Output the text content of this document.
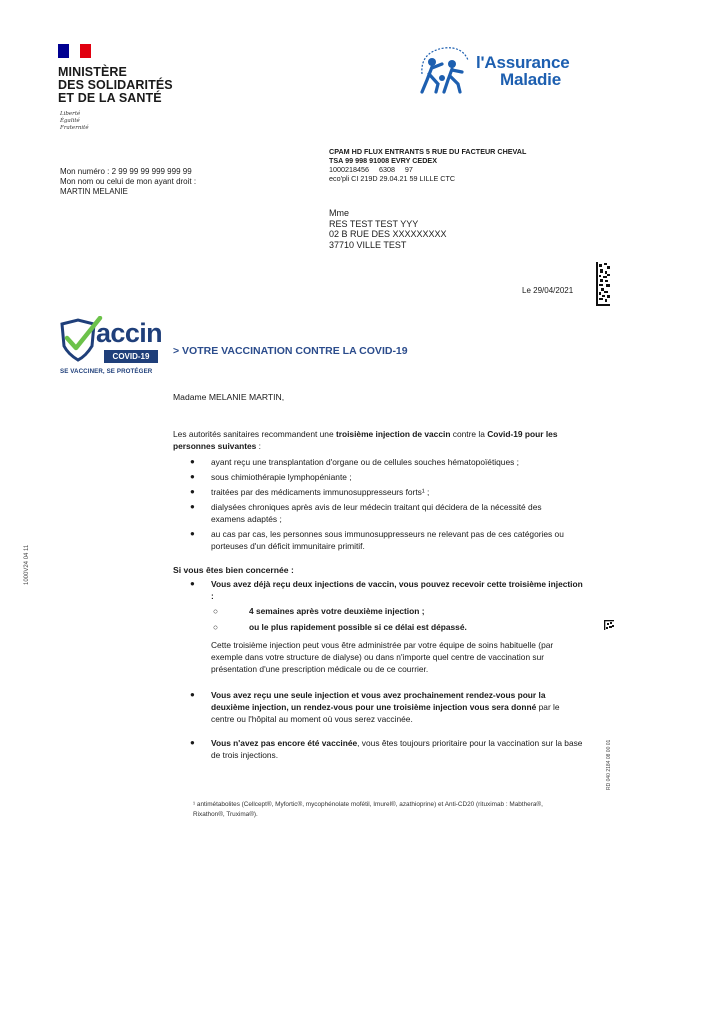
MINISTÈRE
DES SOLIDARITÉS
ET DE LA SANTÉ
Liberté
Égalité
Fraternité
l'Assurance
Maladie
Mon numéro : 2 99 99 99 999 999 99
Mon nom ou celui de mon ayant droit :
MARTIN MELANIE
CPAM HD FLUX ENTRANTS 5 RUE DU FACTEUR CHEVAL
TSA 99 998 91008 EVRY CEDEX
1000218456     6308     97
eco'pli CI 219D 29.04.21 59 LILLE CTC
Mme
RES TEST TEST YYY
02 B RUE DES XXXXXXXXX
37710 VILLE TEST
Le 29/04/2021
1000V24 04 11
RD 040 2184 08 00 01
accin
COVID-19
SE VACCINER, SE PROTÉGER
> VOTRE VACCINATION CONTRE LA COVID-19
Madame MELANIE MARTIN,
Les autorités sanitaires recommandent une troisième injection de vaccin contre la Covid-19 pour les personnes suivantes :
● ayant reçu une transplantation d'organe ou de cellules souches hématopoïétiques ;
● sous chimiothérapie lymphopéniante ;
● traitées par des médicaments immunosuppresseurs forts¹ ;
● dialysées chroniques après avis de leur médecin traitant qui décidera de la nécessité des examens adaptés ;
● au cas par cas, les personnes sous immunosuppresseurs ne relevant pas de ces catégories ou porteuses d'un déficit immunitaire primitif.
Si vous êtes bien concernée :
● Vous avez déjà reçu deux injections de vaccin, vous pouvez recevoir cette troisième injection :
○	4 semaines après votre deuxième injection ;
○	ou le plus rapidement possible si ce délai est dépassé.
Cette troisième injection peut vous être administrée par votre équipe de soins habituelle (par exemple dans votre structure de dialyse) ou dans n'importe quel centre de vaccination sur présentation d'une prescription médicale ou de ce courrier.
● Vous avez reçu une seule injection et vous avez prochainement rendez-vous pour la deuxième injection, un rendez-vous pour une troisième injection vous sera donné par le centre ou l'hôpital au moment où vous serez vaccinée.
● Vous n'avez pas encore été vaccinée, vous êtes toujours prioritaire pour la vaccination sur la base de trois injections.
¹ antimétabolites (Cellcept®, Myfortic®, mycophénolate mofétil, Imurel®, azathioprine) et Anti-CD20 (rituximab : Mabthera®, Rixathon®, Truxima®).
